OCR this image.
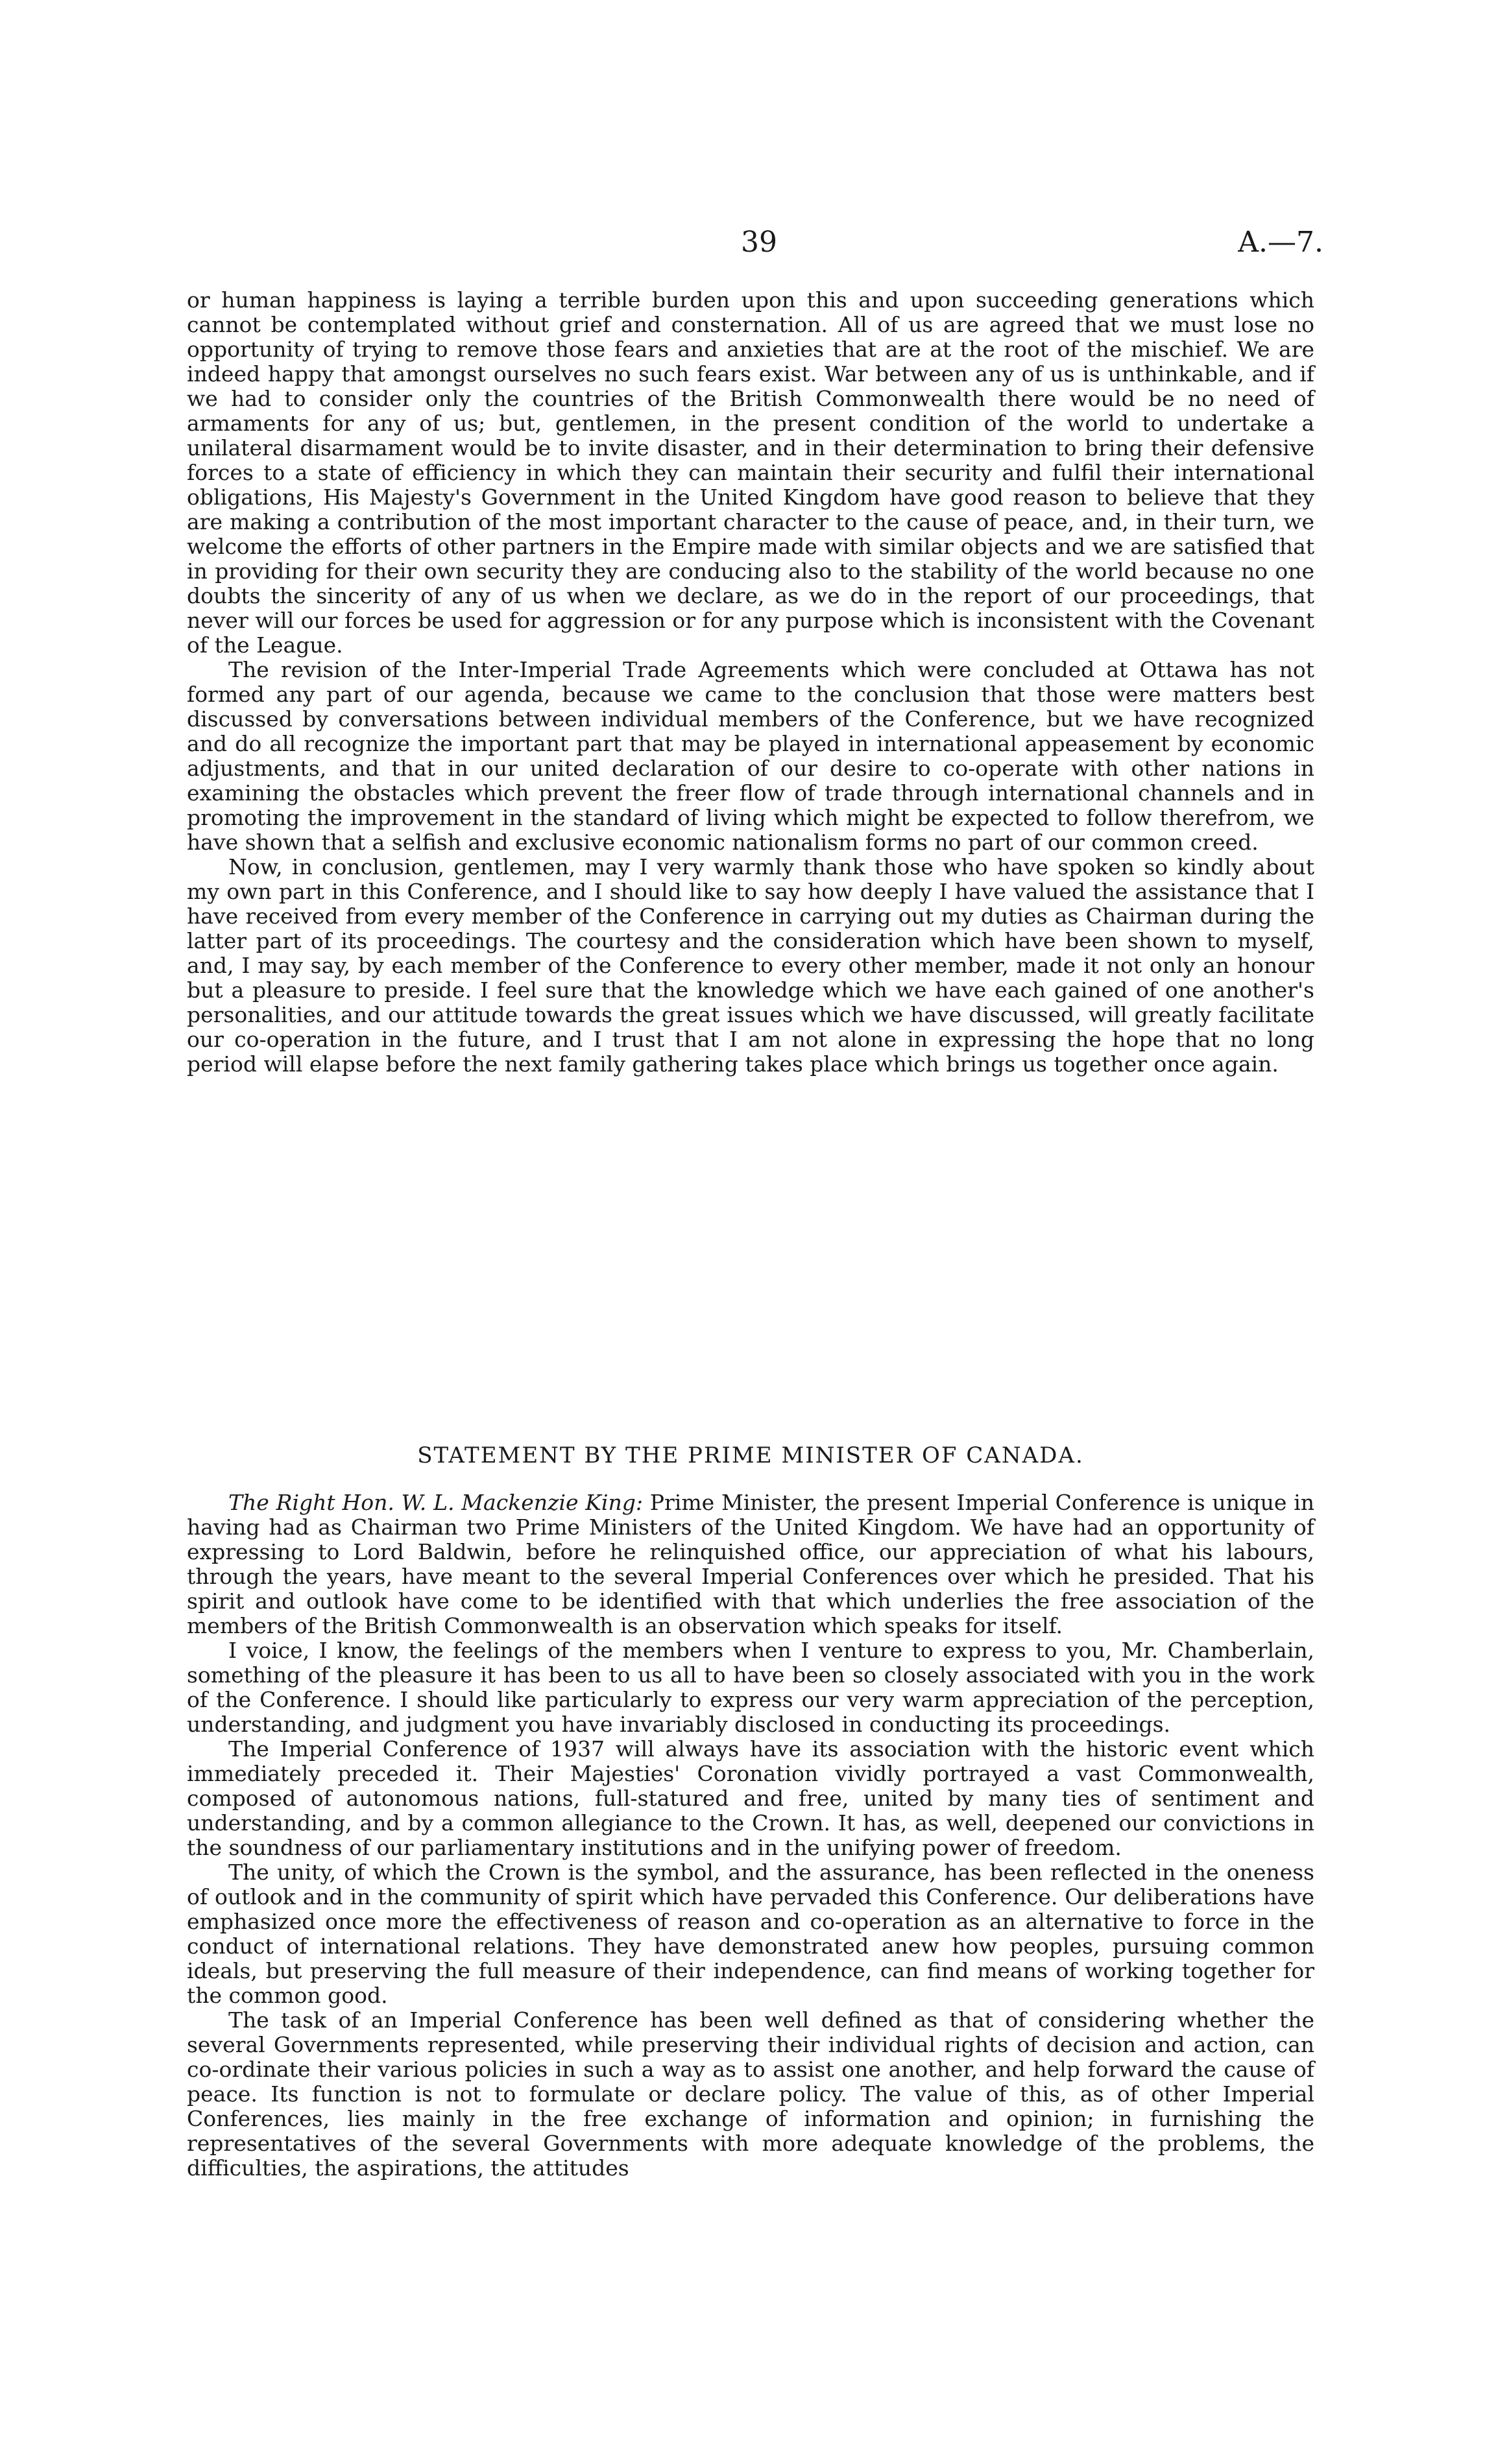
39	A.—7.

or human happiness is laying a terrible burden upon this and upon succeeding generations which cannot be contemplated without grief and consternation. All of us are agreed that we must lose no opportunity of trying to remove those fears and anxieties that are at the root of the mischief. We are indeed happy that amongst ourselves no such fears exist. War between any of us is unthinkable, and if we had to consider only the countries of the British Commonwealth there would be no need of armaments for any of us; but, gentlemen, in the present condition of the world to undertake a unilateral disarmament would be to invite disaster, and in their determination to bring their defensive forces to a state of efficiency in which they can maintain their security and fulfil their international obligations, His Majesty's Government in the United Kingdom have good reason to believe that they are making a contribution of the most important character to the cause of peace, and, in their turn, we welcome the efforts of other partners in the Empire made with similar objects and we are satisfied that in providing for their own security they are conducing also to the stability of the world because no one doubts the sincerity of any of us when we declare, as we do in the report of our proceedings, that never will our forces be used for aggression or for any purpose which is inconsistent with the Covenant of the League.

The revision of the Inter-Imperial Trade Agreements which were concluded at Ottawa has not formed any part of our agenda, because we came to the conclusion that those were matters best discussed by conversations between individual members of the Conference, but we have recognized and do all recognize the important part that may be played in international appeasement by economic adjustments, and that in our united declaration of our desire to co-operate with other nations in examining the obstacles which prevent the freer flow of trade through international channels and in promoting the improvement in the standard of living which might be expected to follow therefrom, we have shown that a selfish and exclusive economic nationalism forms no part of our common creed.

Now, in conclusion, gentlemen, may I very warmly thank those who have spoken so kindly about my own part in this Conference, and I should like to say how deeply I have valued the assistance that I have received from every member of the Conference in carrying out my duties as Chairman during the latter part of its proceedings. The courtesy and the consideration which have been shown to myself, and, I may say, by each member of the Conference to every other member, made it not only an honour but a pleasure to preside. I feel sure that the knowledge which we have each gained of one another's personalities, and our attitude towards the great issues which we have discussed, will greatly facilitate our co-operation in the future, and I trust that I am not alone in expressing the hope that no long period will elapse before the next family gathering takes place which brings us together once again.

STATEMENT BY THE PRIME MINISTER OF CANADA.

The Right Hon. W. L. Mackenzie King: Prime Minister, the present Imperial Conference is unique in having had as Chairman two Prime Ministers of the United Kingdom. We have had an opportunity of expressing to Lord Baldwin, before he relinquished office, our appreciation of what his labours, through the years, have meant to the several Imperial Conferences over which he presided. That his spirit and outlook have come to be identified with that which underlies the free association of the members of the British Commonwealth is an observation which speaks for itself.

I voice, I know, the feelings of the members when I venture to express to you, Mr. Chamberlain, something of the pleasure it has been to us all to have been so closely associated with you in the work of the Conference. I should like particularly to express our very warm appreciation of the perception, understanding, and judgment you have invariably disclosed in conducting its proceedings.

The Imperial Conference of 1937 will always have its association with the historic event which immediately preceded it. Their Majesties' Coronation vividly portrayed a vast Commonwealth, composed of autonomous nations, full-statured and free, united by many ties of sentiment and understanding, and by a common allegiance to the Crown. It has, as well, deepened our convictions in the soundness of our parliamentary institutions and in the unifying power of freedom.

The unity, of which the Crown is the symbol, and the assurance, has been reflected in the oneness of outlook and in the community of spirit which have pervaded this Conference. Our deliberations have emphasized once more the effectiveness of reason and co-operation as an alternative to force in the conduct of international relations. They have demonstrated anew how peoples, pursuing common ideals, but preserving the full measure of their independence, can find means of working together for the common good.

The task of an Imperial Conference has been well defined as that of considering whether the several Governments represented, while preserving their individual rights of decision and action, can co-ordinate their various policies in such a way as to assist one another, and help forward the cause of peace. Its function is not to formulate or declare policy. The value of this, as of other Imperial Conferences, lies mainly in the free exchange of information and opinion; in furnishing the representatives of the several Governments with more adequate knowledge of the problems, the difficulties, the aspirations, the attitudes
